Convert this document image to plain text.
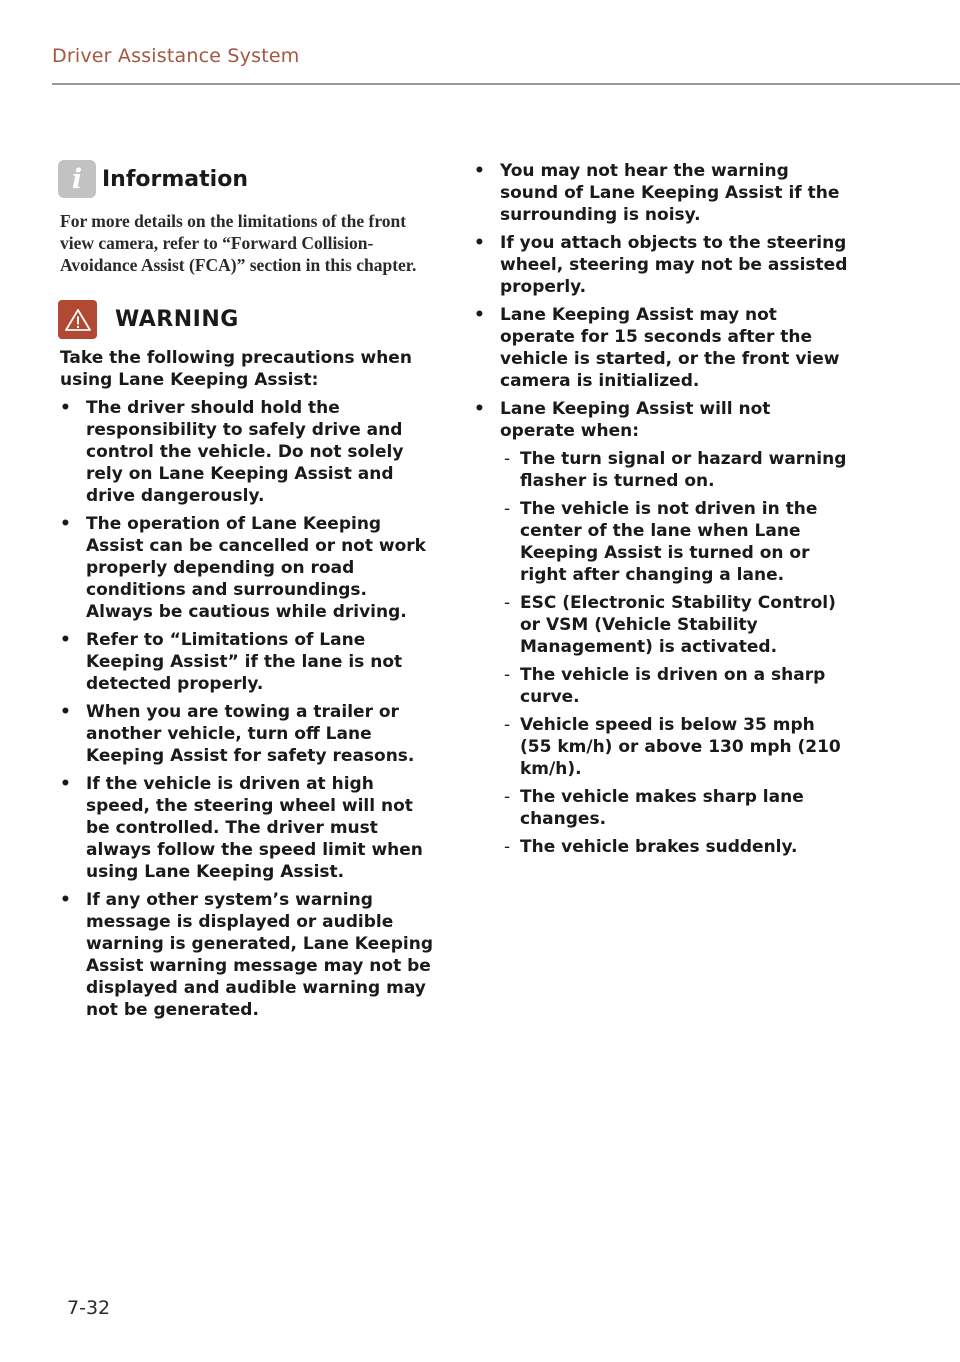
Driver Assistance System
i Information

For more details on the limitations of the front view camera, refer to “Forward Collision-Avoidance Assist (FCA)” section in this chapter.

WARNING

Take the following precautions when using Lane Keeping Assist:

• The driver should hold the responsibility to safely drive and control the vehicle. Do not solely rely on Lane Keeping Assist and drive dangerously.
• The operation of Lane Keeping Assist can be cancelled or not work properly depending on road conditions and surroundings. Always be cautious while driving.
• Refer to “Limitations of Lane Keeping Assist” if the lane is not detected properly.
• When you are towing a trailer or another vehicle, turn off Lane Keeping Assist for safety reasons.
• If the vehicle is driven at high speed, the steering wheel will not be controlled. The driver must always follow the speed limit when using Lane Keeping Assist.
• If any other system’s warning message is displayed or audible warning is generated, Lane Keeping Assist warning message may not be displayed and audible warning may not be generated.
• You may not hear the warning sound of Lane Keeping Assist if the surrounding is noisy.
• If you attach objects to the steering wheel, steering may not be assisted properly.
• Lane Keeping Assist may not operate for 15 seconds after the vehicle is started, or the front view camera is initialized.
• Lane Keeping Assist will not operate when:
- The turn signal or hazard warning flasher is turned on.
- The vehicle is not driven in the center of the lane when Lane Keeping Assist is turned on or right after changing a lane.
- ESC (Electronic Stability Control) or VSM (Vehicle Stability Management) is activated.
- The vehicle is driven on a sharp curve.
- Vehicle speed is below 35 mph (55 km/h) or above 130 mph (210 km/h).
- The vehicle makes sharp lane changes.
- The vehicle brakes suddenly.
7-32
